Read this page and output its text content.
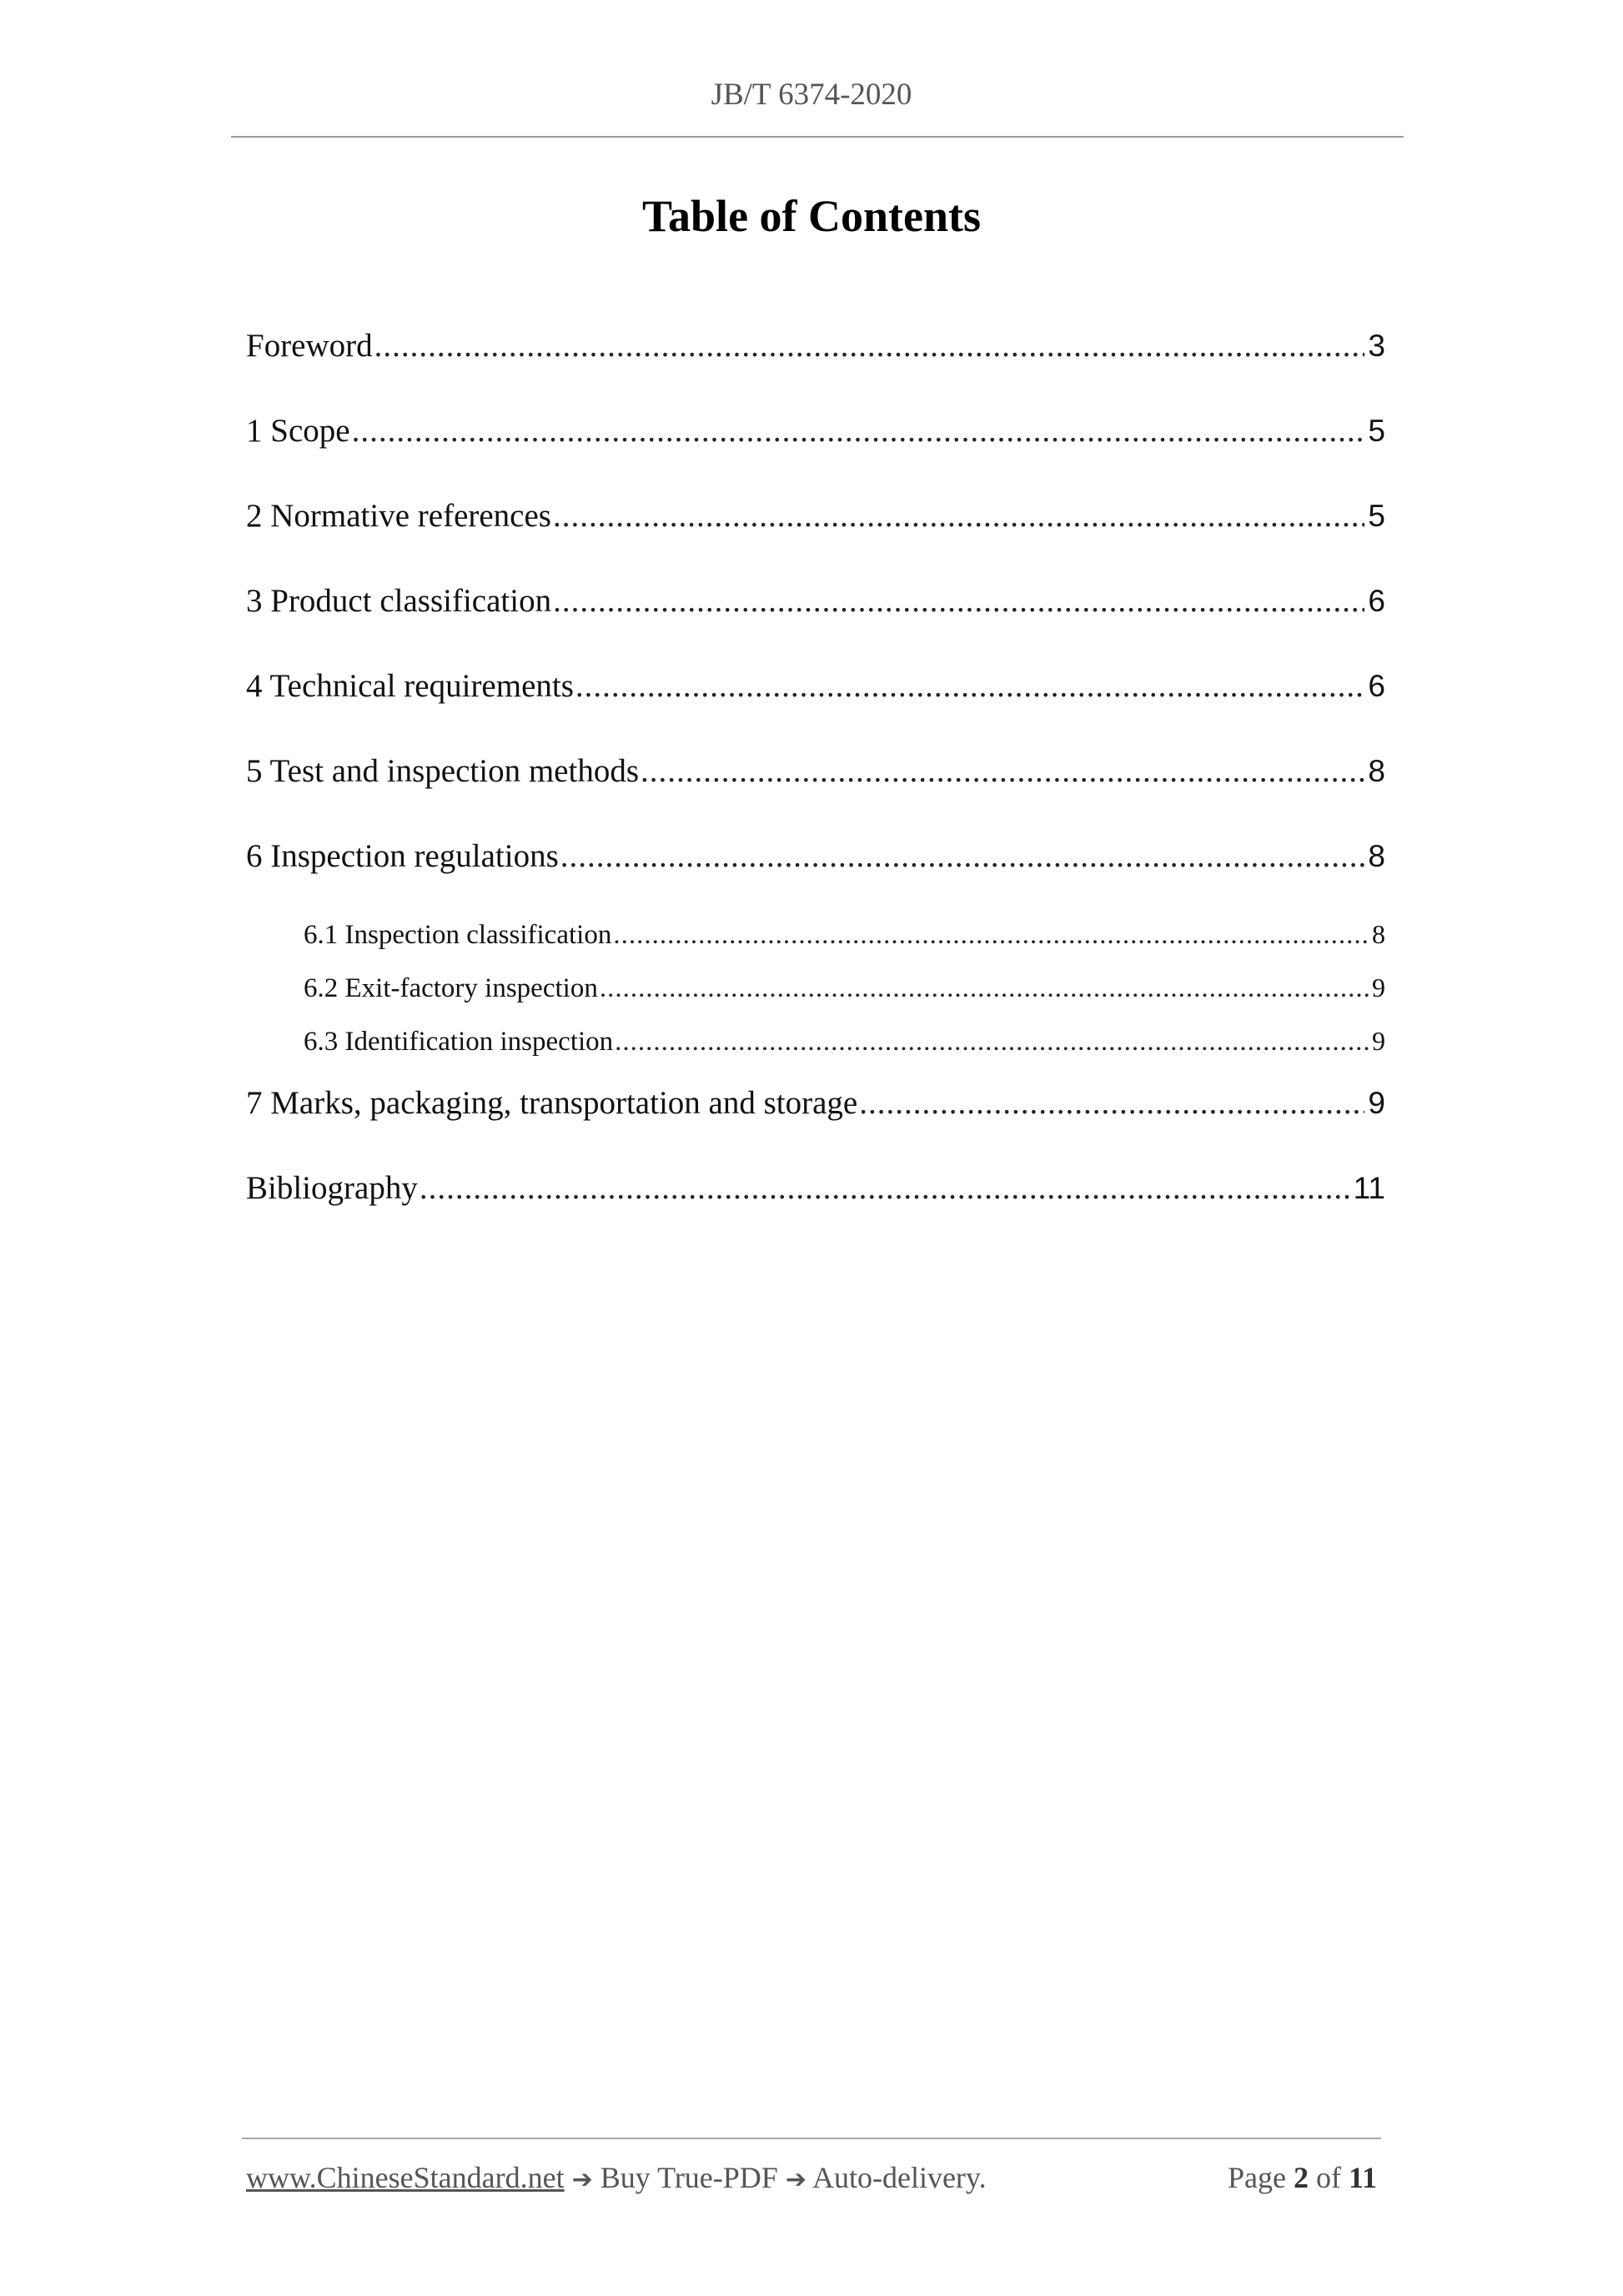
JB/T 6374-2020
Table of Contents
Foreword .....	3
1 Scope .....	5
2 Normative references .....	5
3 Product classification .....	6
4 Technical requirements .....	6
5 Test and inspection methods .....	8
6 Inspection regulations .....	8
6.1 Inspection classification .....	8
6.2 Exit-factory inspection .....	9
6.3 Identification inspection .....	9
7 Marks, packaging, transportation and storage .....	9
Bibliography .....	11
www.ChineseStandard.net ➔ Buy True-PDF ➔ Auto-delivery.	Page 2 of 11
